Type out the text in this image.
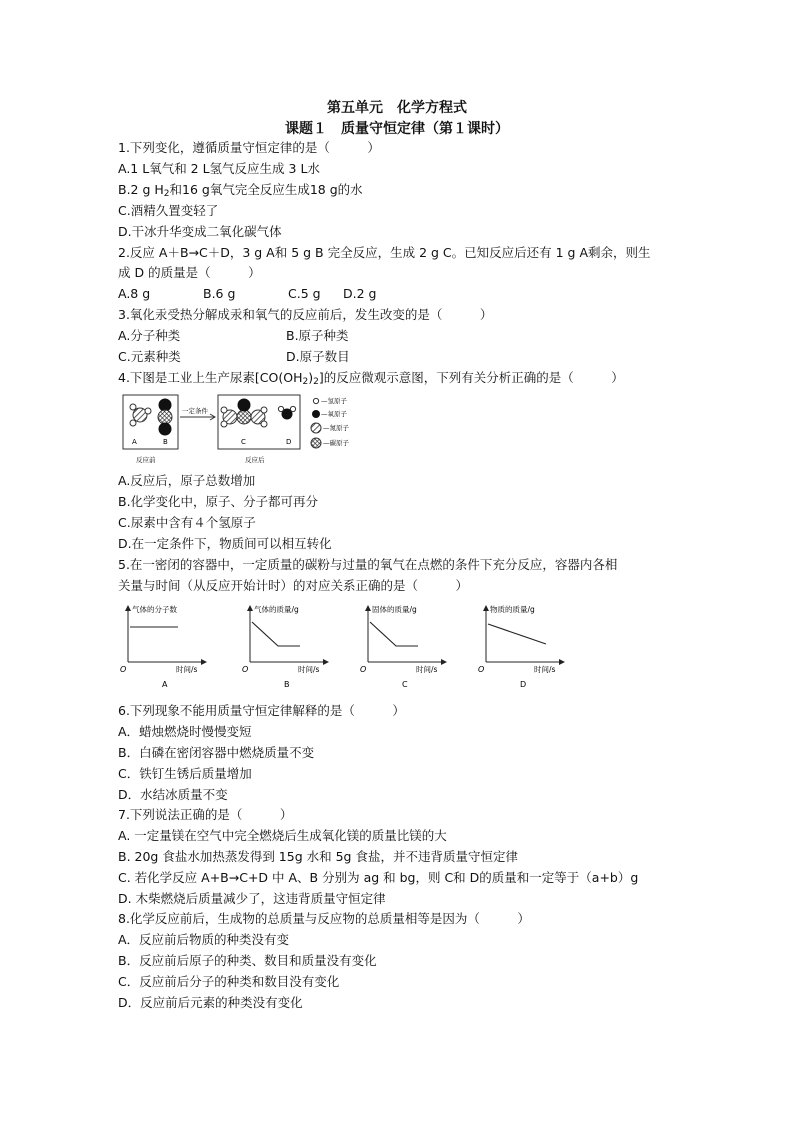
第五单元　化学方程式
课题１　质量守恒定律（第１课时）
1.下列变化，遵循质量守恒定律的是（　　　）
A.1 L氧气和 2 L氢气反应生成 3 L水
B.2 g $H_2$和16 g氧气完全反应生成18 g的水
C.酒精久置变轻了
D.干冰升华变成二氧化碳气体
2.反应 A＋B→C＋D，3 g A和 5 g B 完全反应，生成 2 g C。已知反应后还有 1 g A剩余，则生
成 D 的质量是（　　　）
A.8 g	B.6 g	C.5 g D.2 g
3.氧化汞受热分解成汞和氧气的反应前后，发生改变的是（　　　）
A.分子种类	B.原子种类
C.元素种类	D.原子数目
4.下图是工业上生产尿素$[CO(OH_2)_2]$的反应微观示意图，下列有关分析正确的是（　　　）
A	B
一定条件
C	D
反应前	反应后
—氢原子
—氧原子
—氮原子
—碳原子
A.反应后，原子总数增加
B.化学变化中，原子、分子都可再分
C.尿素中含有４个氢原子
D.在一定条件下，物质间可以相互转化
5.在一密闭的容器中，一定质量的碳粉与过量的氧气在点燃的条件下充分反应，容器内各相
关量与时间（从反应开始计时）的对应关系正确的是（　　　）
气体的分子数
时间/s
O
A
气体的质量/g
时间/s
O
B
固体的质量/g
时间/s
O
C
物质的质量/g
时间/s
O
D
6.下列现象不能用质量守恒定律解释的是（　　　）
A．蜡烛燃烧时慢慢变短
B．白磷在密闭容器中燃烧质量不变
C．铁钉生锈后质量增加
D．水结冰质量不变
7.下列说法正确的是（　　　）
A. 一定量镁在空气中完全燃烧后生成氧化镁的质量比镁的大
B. 20g 食盐水加热蒸发得到 15g 水和 5g 食盐，并不违背质量守恒定律
C. 若化学反应 A+B→C+D 中 A、B 分别为 ag 和 bg，则 C和 D的质量和一定等于（a+b）g
D. 木柴燃烧后质量减少了，这违背质量守恒定律
8.化学反应前后，生成物的总质量与反应物的总质量相等是因为（　　　）
A．反应前后物质的种类没有变
B．反应前后原子的种类、数目和质量没有变化
C．反应前后分子的种类和数目没有变化
D．反应前后元素的种类没有变化
